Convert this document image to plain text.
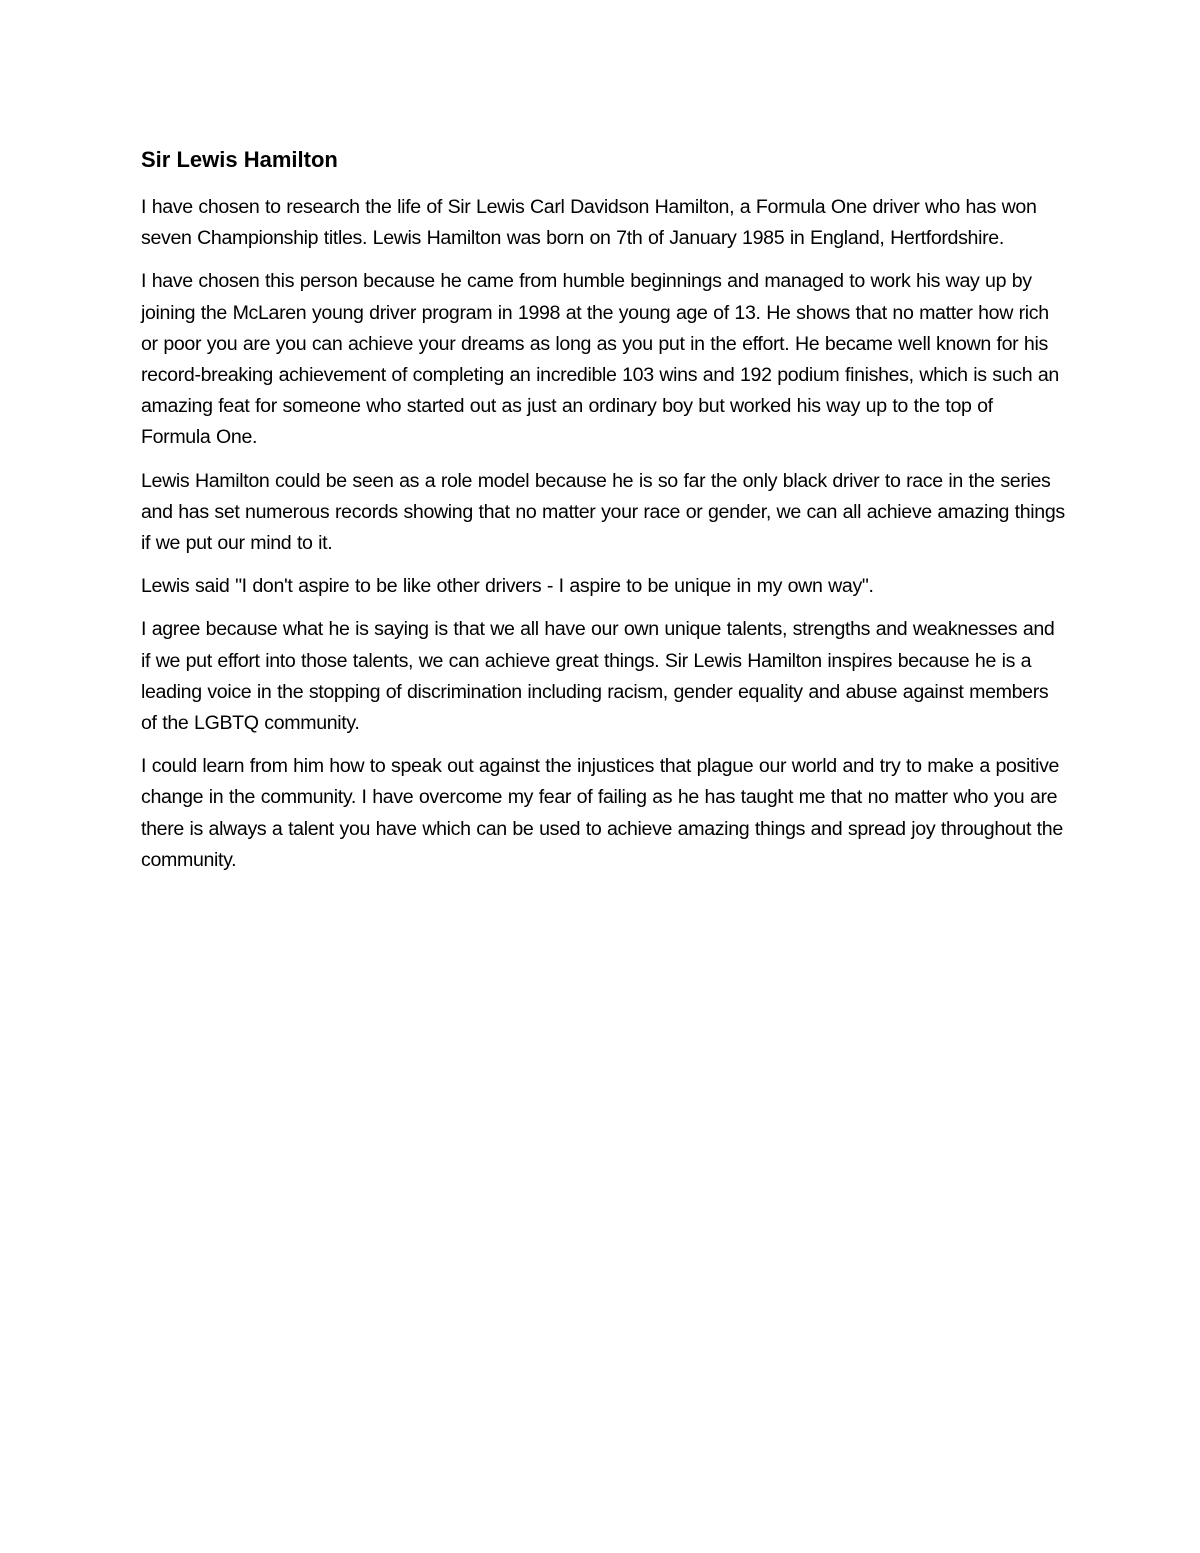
Sir Lewis Hamilton

I have chosen to research the life of Sir Lewis Carl Davidson Hamilton, a Formula One driver who has won seven Championship titles. Lewis Hamilton was born on 7th of January 1985 in England, Hertfordshire.

I have chosen this person because he came from humble beginnings and managed to work his way up by joining the McLaren young driver program in 1998 at the young age of 13. He shows that no matter how rich or poor you are you can achieve your dreams as long as you put in the effort. He became well known for his record-breaking achievement of completing an incredible 103 wins and 192 podium finishes, which is such an amazing feat for someone who started out as just an ordinary boy but worked his way up to the top of Formula One.

Lewis Hamilton could be seen as a role model because he is so far the only black driver to race in the series and has set numerous records showing that no matter your race or gender, we can all achieve amazing things if we put our mind to it.

Lewis said "I don't aspire to be like other drivers - I aspire to be unique in my own way".

I agree because what he is saying is that we all have our own unique talents, strengths and weaknesses and if we put effort into those talents, we can achieve great things. Sir Lewis Hamilton inspires because he is a leading voice in the stopping of discrimination including racism, gender equality and abuse against members of the LGBTQ community.

I could learn from him how to speak out against the injustices that plague our world and try to make a positive change in the community. I have overcome my fear of failing as he has taught me that no matter who you are there is always a talent you have which can be used to achieve amazing things and spread joy throughout the community.
